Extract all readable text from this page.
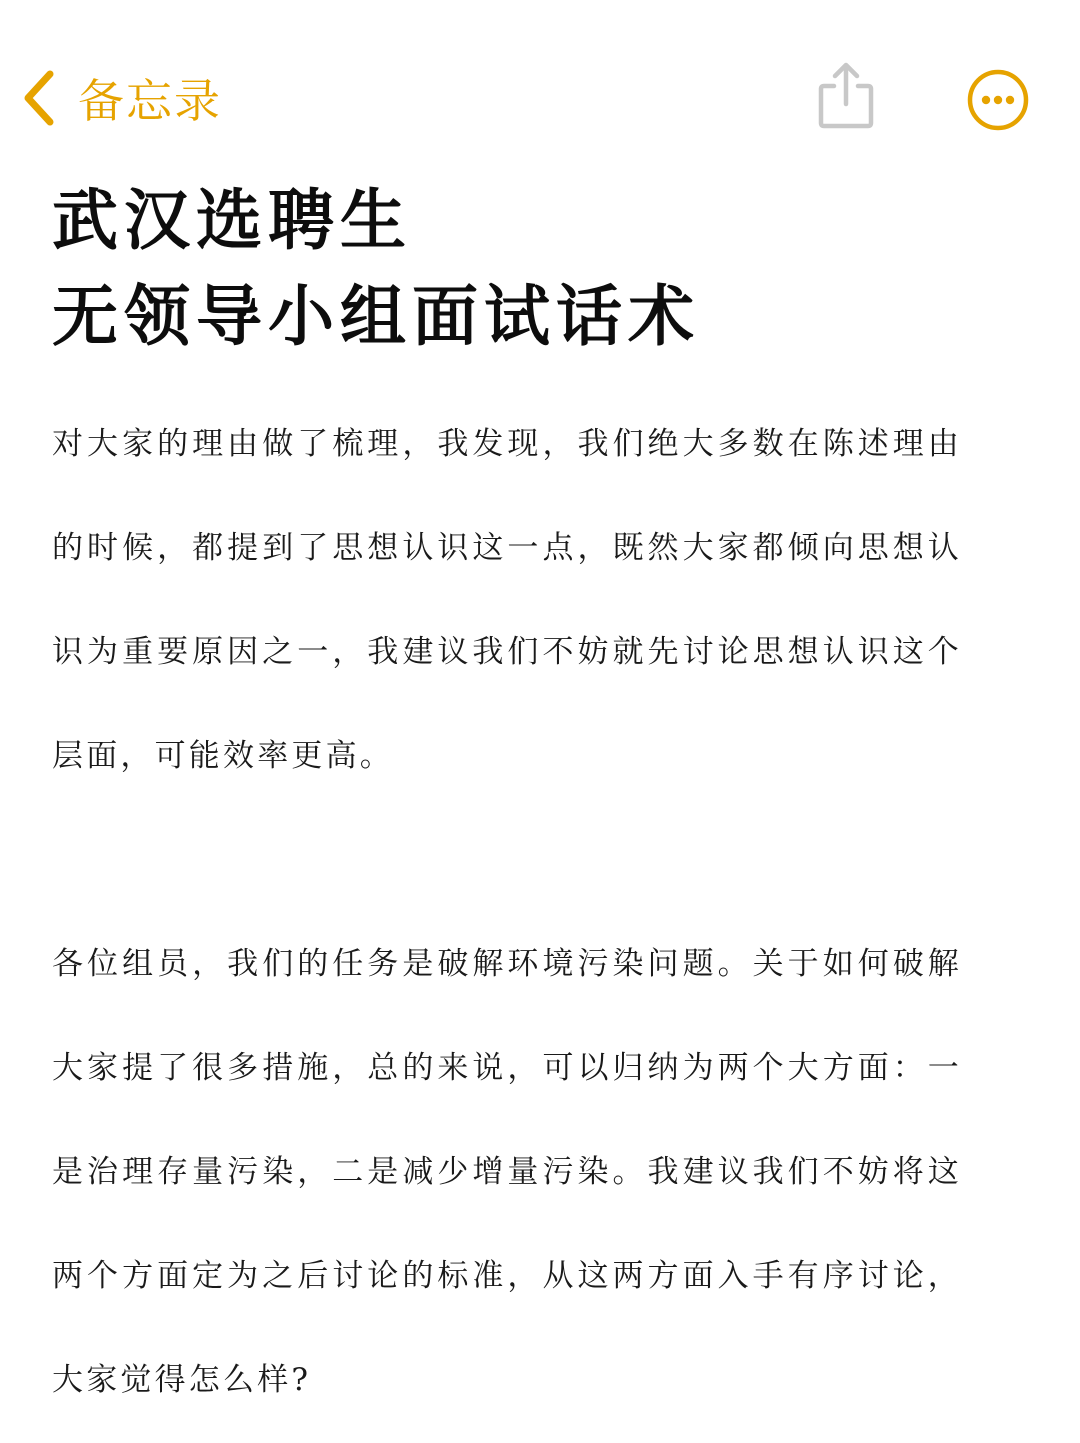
备忘录
武汉选聘生
无领导小组面试话术

对大家的理由做了梳理，我发现，我们绝大多数在陈述理由的时候，都提到了思想认识这一点，既然大家都倾向思想认识为重要原因之一，我建议我们不妨就先讨论思想认识这个层面，可能效率更高。

各位组员，我们的任务是破解环境污染问题。关于如何破解大家提了很多措施，总的来说，可以归纳为两个大方面：一是治理存量污染，二是减少增量污染。我建议我们不妨将这两个方面定为之后讨论的标准，从这两方面入手有序讨论，大家觉得怎么样?
